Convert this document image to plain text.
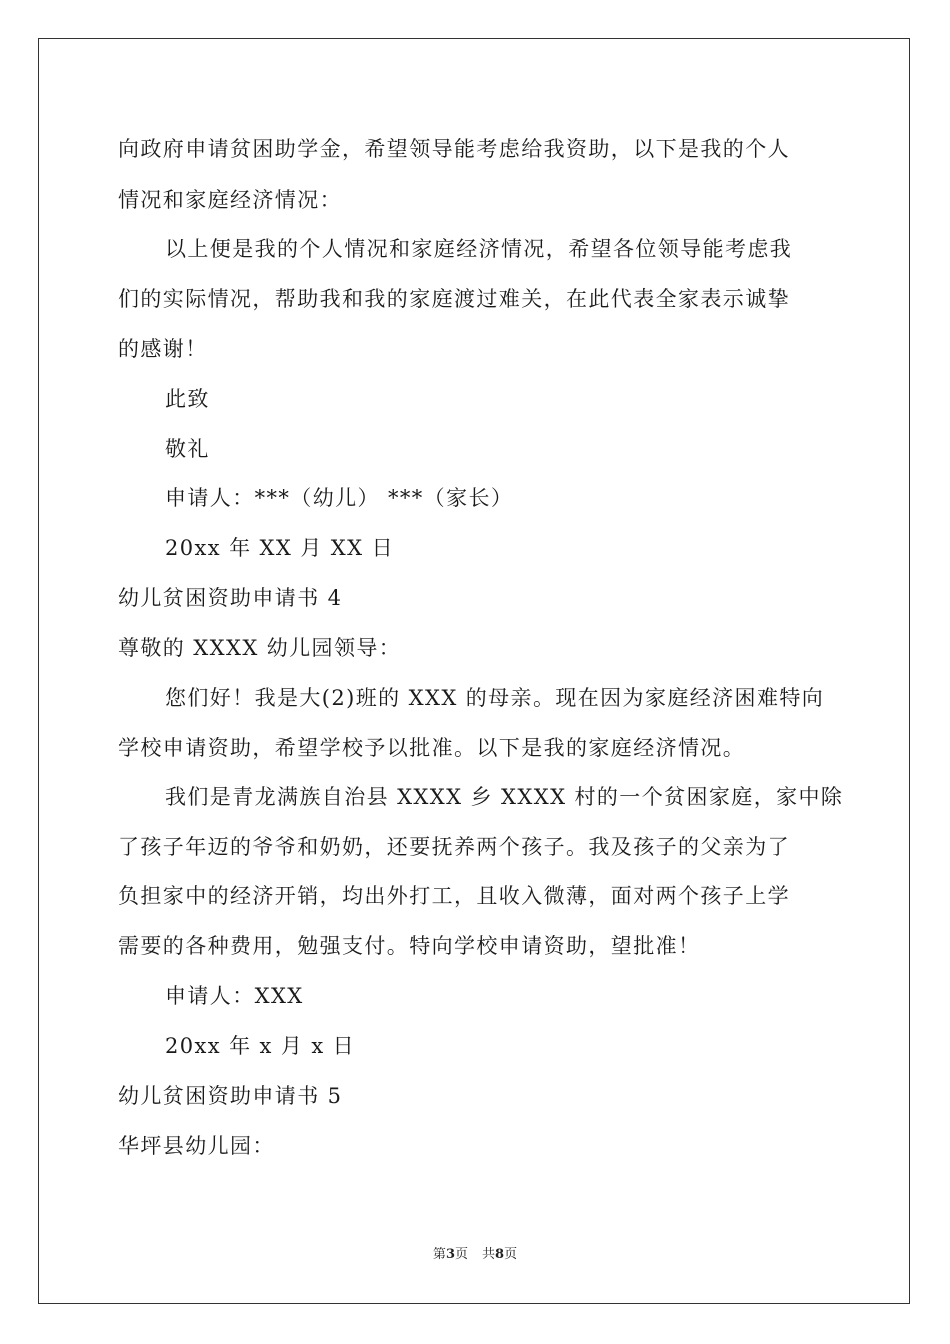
向政府申请贫困助学金，希望领导能考虑给我资助，以下是我的个人
情况和家庭经济情况：
以上便是我的个人情况和家庭经济情况，希望各位领导能考虑我
们的实际情况，帮助我和我的家庭渡过难关，在此代表全家表示诚挚
的感谢！
此致
敬礼
申请人：***（幼儿） ***（家长）
20xx 年 XX 月 XX 日
幼儿贫困资助申请书 4
尊敬的 XXXX 幼儿园领导：
您们好！我是大(2)班的 XXX 的母亲。现在因为家庭经济困难特向
学校申请资助，希望学校予以批准。以下是我的家庭经济情况。
我们是青龙满族自治县 XXXX 乡 XXXX 村的一个贫困家庭，家中除
了孩子年迈的爷爷和奶奶，还要抚养两个孩子。我及孩子的父亲为了
负担家中的经济开销，均出外打工，且收入微薄，面对两个孩子上学
需要的各种费用，勉强支付。特向学校申请资助，望批准！
申请人：XXX
20xx 年 x 月 x 日
幼儿贫困资助申请书 5
华坪县幼儿园：
第3页 共8页
